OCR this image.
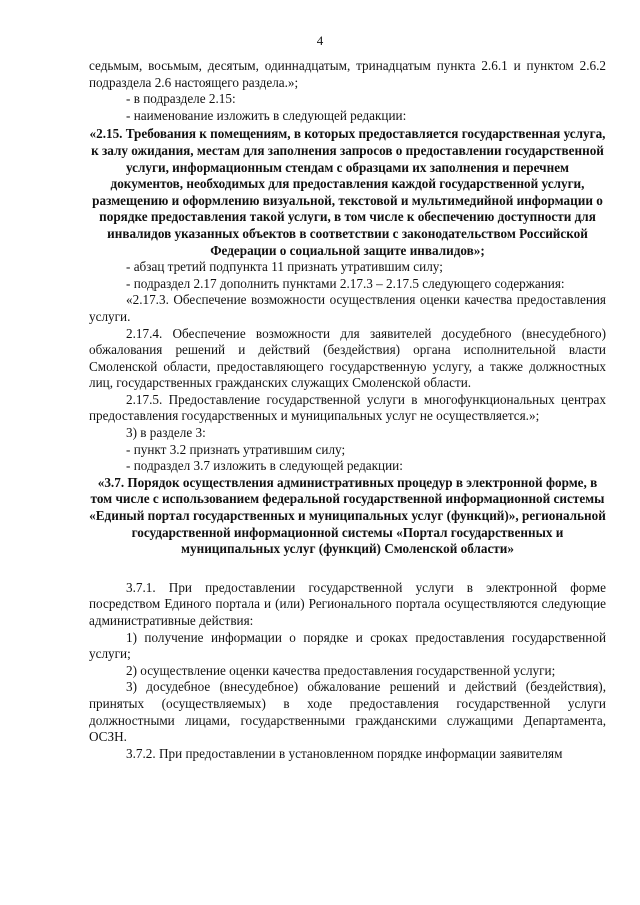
4

седьмым, восьмым, десятым, одиннадцатым, тринадцатым пункта 2.6.1 и пунктом 2.6.2 подраздела 2.6 настоящего раздела.»;

- в подразделе 2.15:

- наименование изложить в следующей редакции:

«2.15. Требования к помещениям, в которых предоставляется государственная услуга, к залу ожидания, местам для заполнения запросов о предоставлении государственной услуги, информационным стендам с образцами их заполнения и перечнем документов, необходимых для предоставления каждой государственной услуги, размещению и оформлению визуальной, текстовой и мультимедийной информации о порядке предоставления такой услуги, в том числе к обеспечению доступности для инвалидов указанных объектов в соответствии с законодательством Российской Федерации о социальной защите инвалидов»;

- абзац третий подпункта 11 признать утратившим силу;

- подраздел 2.17 дополнить пунктами 2.17.3 – 2.17.5 следующего содержания:

«2.17.3. Обеспечение возможности осуществления оценки качества предоставления услуги.

2.17.4. Обеспечение возможности для заявителей досудебного (внесудебного) обжалования решений и действий (бездействия) органа исполнительной власти Смоленской области, предоставляющего государственную услугу, а также должностных лиц, государственных гражданских служащих Смоленской области.

2.17.5. Предоставление государственной услуги в многофункциональных центрах предоставления государственных и муниципальных услуг не осуществляется.»;

3) в разделе 3:

- пункт 3.2 признать утратившим силу;

- подраздел 3.7 изложить в следующей редакции:

«3.7. Порядок осуществления административных процедур в электронной форме, в том числе с использованием федеральной государственной информационной системы «Единый портал государственных и муниципальных услуг (функций)», региональной государственной информационной системы «Портал государственных и муниципальных услуг (функций) Смоленской области»

3.7.1. При предоставлении государственной услуги в электронной форме посредством Единого портала и (или) Регионального портала осуществляются следующие административные действия:

1) получение информации о порядке и сроках предоставления государственной услуги;

2) осуществление оценки качества предоставления государственной услуги;

3) досудебное (внесудебное) обжалование решений и действий (бездействия), принятых (осуществляемых) в ходе предоставления государственной услуги должностными лицами, государственными гражданскими служащими Департамента, ОСЗН.

3.7.2. При предоставлении в установленном порядке информации заявителям
